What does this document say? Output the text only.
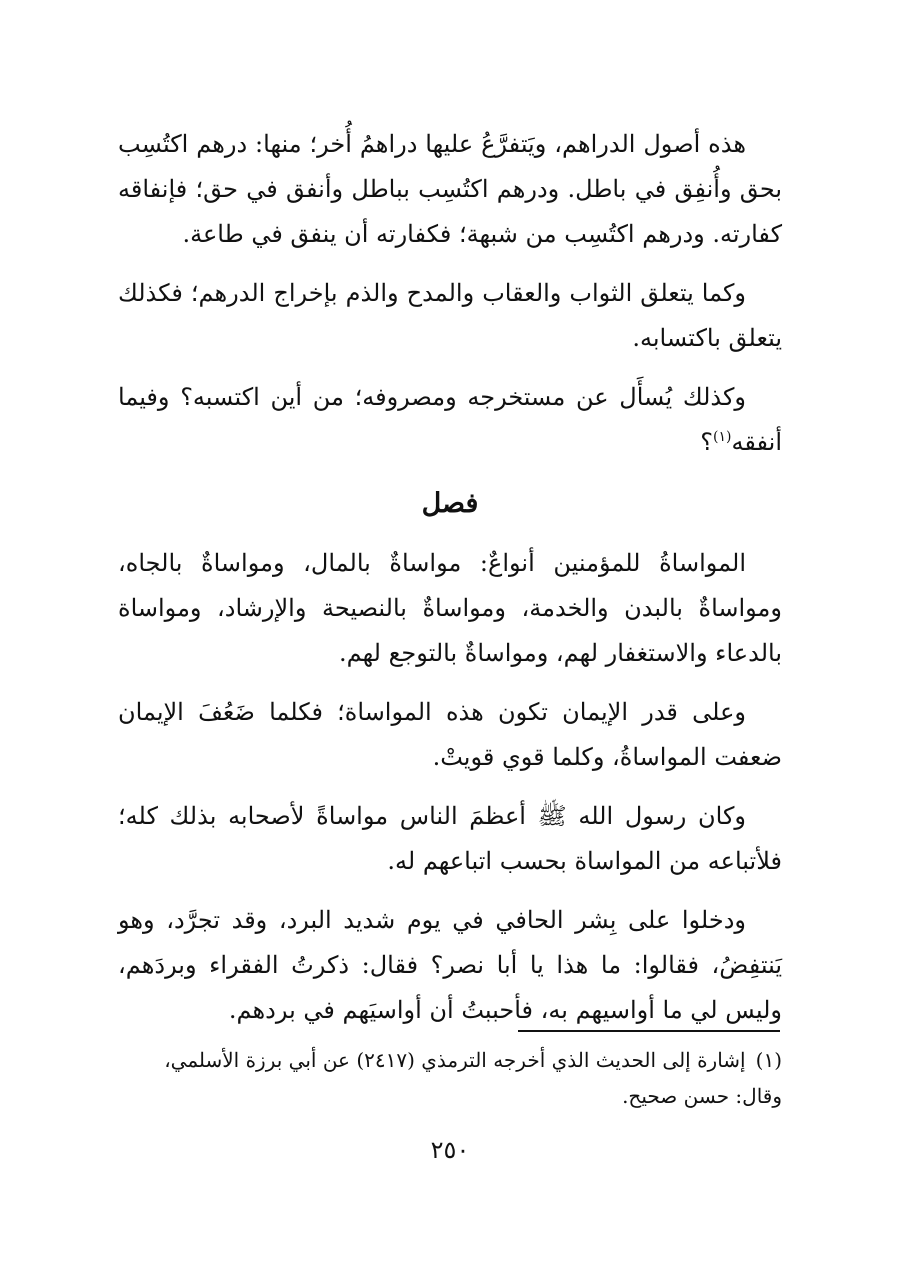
هذه أصول الدراهم، ويَتفرَّعُ عليها دراهمُ أُخر؛ منها: درهم اكتُسِب بحق وأُنفِق في باطل. ودرهم اكتُسِب بباطل وأنفق في حق؛ فإنفاقه كفارته. ودرهم اكتُسِب من شبهة؛ فكفارته أن ينفق في طاعة.

وكما يتعلق الثواب والعقاب والمدح والذم بإخراج الدرهم؛ فكذلك يتعلق باكتسابه.

وكذلك يُسأَل عن مستخرجه ومصروفه؛ من أين اكتسبه؟ وفيما أنفقه$^{(١)}$؟

فصل

المواساةُ للمؤمنين أنواعٌ: مواساةٌ بالمال، ومواساةٌ بالجاه، ومواساةٌ بالبدن والخدمة، ومواساةٌ بالنصيحة والإرشاد، ومواساة بالدعاء والاستغفار لهم، ومواساةٌ بالتوجع لهم.

وعلى قدر الإيمان تكون هذه المواساة؛ فكلما ضَعُفَ الإيمان ضعفت المواساةُ، وكلما قوي قويتْ.

وكان رسول الله ﷺ أعظمَ الناس مواساةً لأصحابه بذلك كله؛ فلأتباعه من المواساة بحسب اتباعهم له.

ودخلوا على بِشر الحافي في يوم شديد البرد، وقد تجرَّد، وهو يَنتفِضُ، فقالوا: ما هذا يا أبا نصر؟ فقال: ذكرتُ الفقراء وبردَهم، وليس لي ما أواسيهم به، فأحببتُ أن أواسيَهم في بردهم.

(١)إشارة إلى الحديث الذي أخرجه الترمذي (٢٤١٧) عن أبي برزة الأسلمي، وقال: حسن صحيح.
٢٥٠
